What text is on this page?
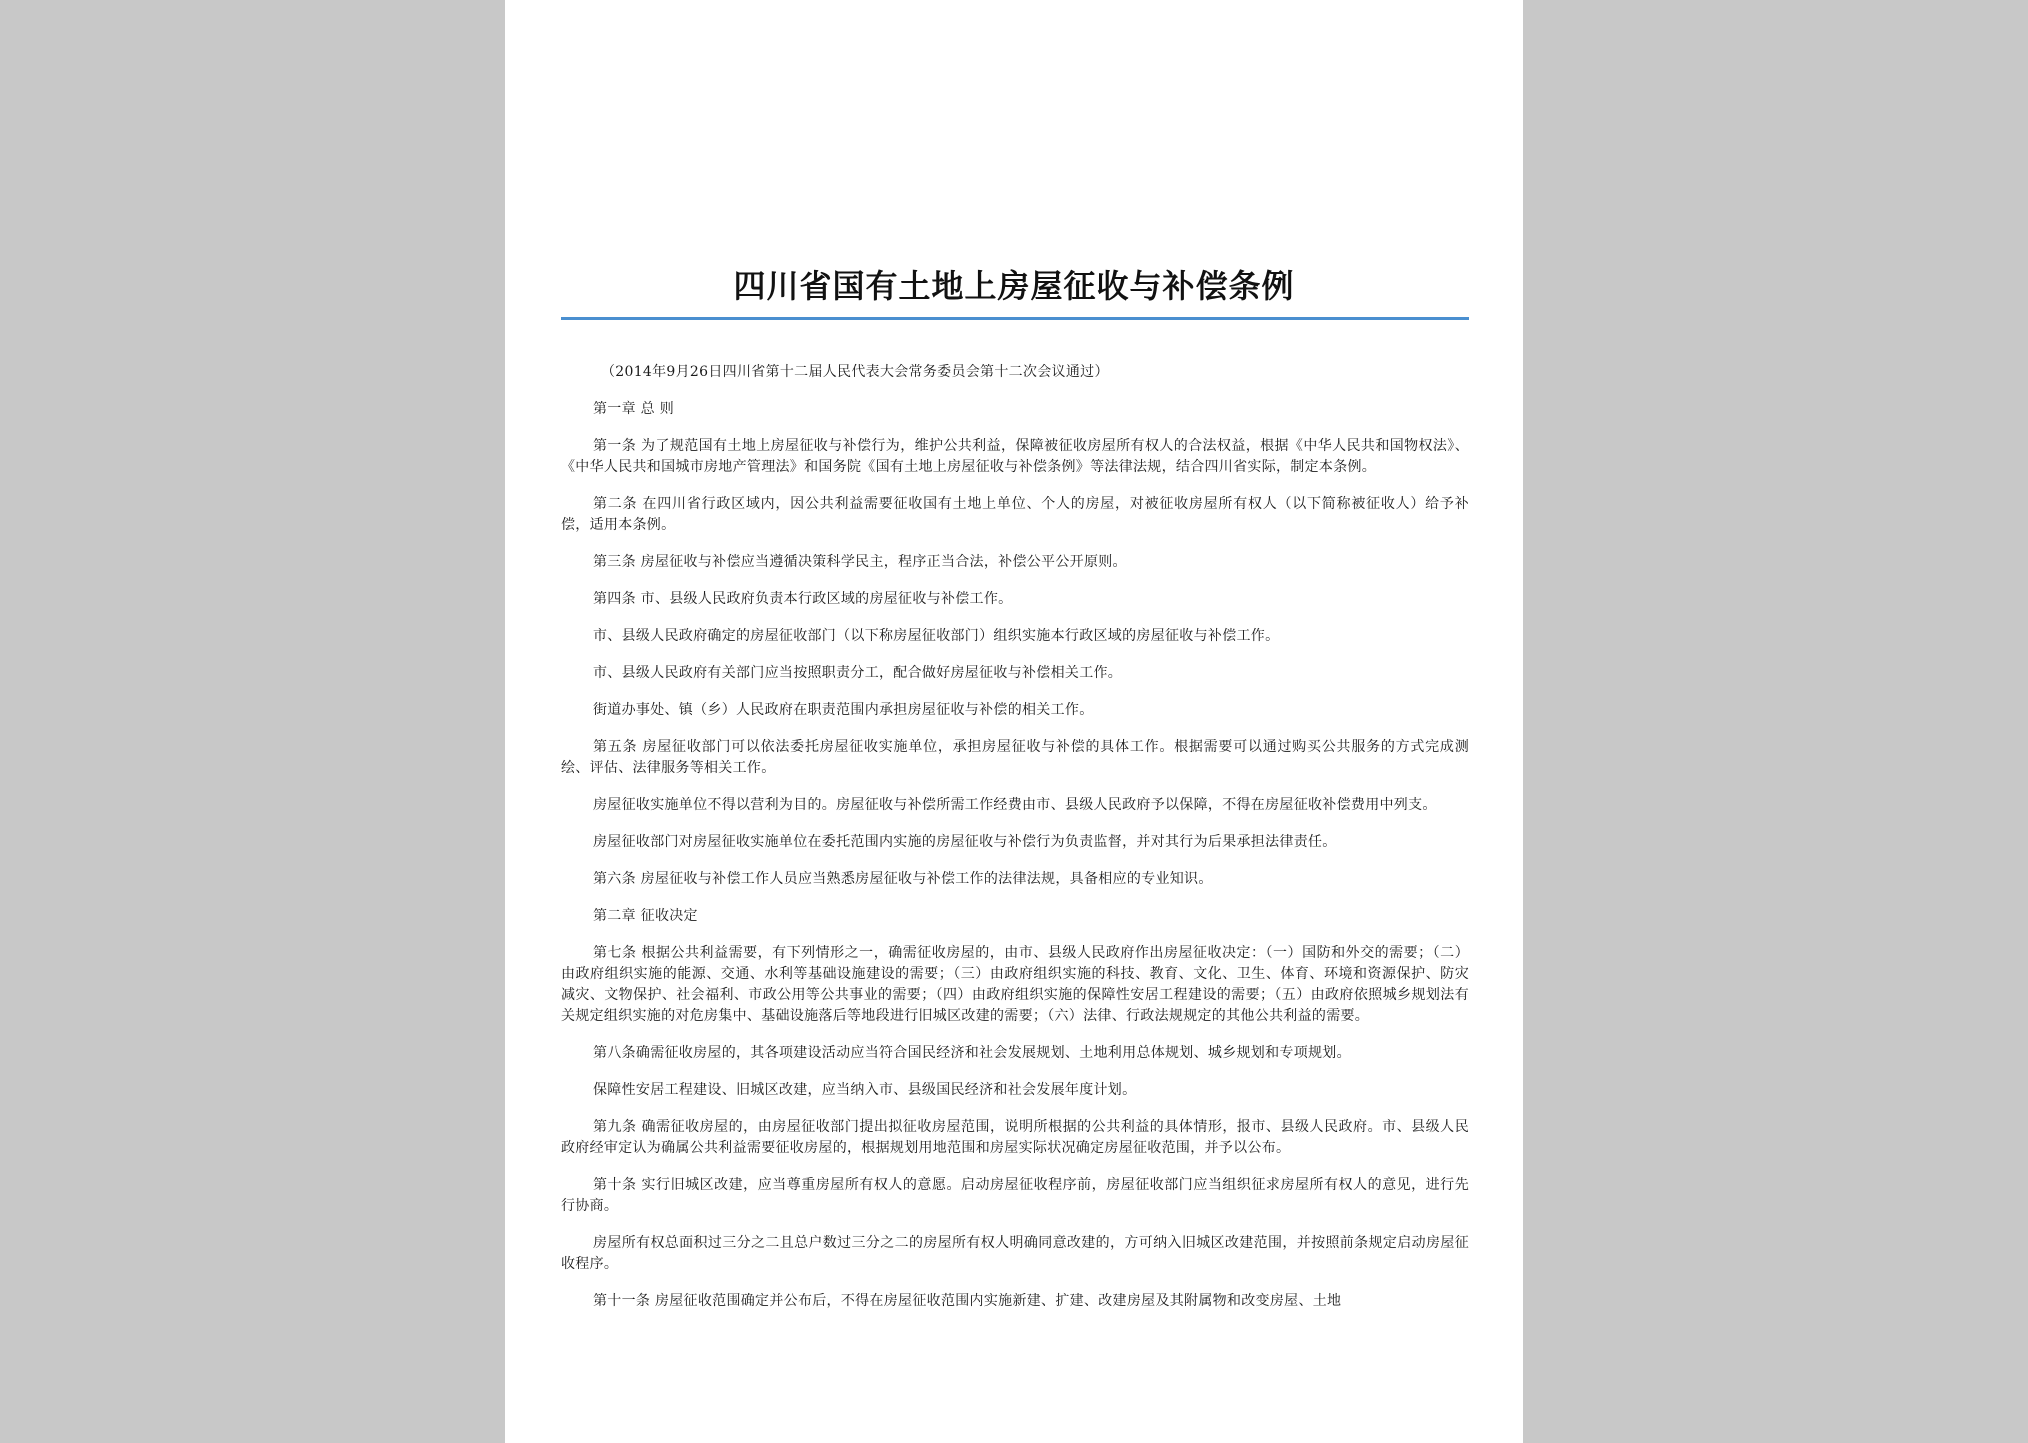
四川省国有土地上房屋征收与补偿条例

（2014年9月26日四川省第十二届人民代表大会常务委员会第十二次会议通过）

第一章 总 则

第一条 为了规范国有土地上房屋征收与补偿行为，维护公共利益，保障被征收房屋所有权人的合法权益，根据《中华人民共和国物权法》、《中华人民共和国城市房地产管理法》和国务院《国有土地上房屋征收与补偿条例》等法律法规，结合四川省实际，制定本条例。

第二条 在四川省行政区域内，因公共利益需要征收国有土地上单位、个人的房屋，对被征收房屋所有权人（以下简称被征收人）给予补偿，适用本条例。

第三条 房屋征收与补偿应当遵循决策科学民主，程序正当合法，补偿公平公开原则。

第四条 市、县级人民政府负责本行政区域的房屋征收与补偿工作。

市、县级人民政府确定的房屋征收部门（以下称房屋征收部门）组织实施本行政区域的房屋征收与补偿工作。

市、县级人民政府有关部门应当按照职责分工，配合做好房屋征收与补偿相关工作。

街道办事处、镇（乡）人民政府在职责范围内承担房屋征收与补偿的相关工作。

第五条 房屋征收部门可以依法委托房屋征收实施单位，承担房屋征收与补偿的具体工作。根据需要可以通过购买公共服务的方式完成测绘、评估、法律服务等相关工作。

房屋征收实施单位不得以营利为目的。房屋征收与补偿所需工作经费由市、县级人民政府予以保障，不得在房屋征收补偿费用中列支。

房屋征收部门对房屋征收实施单位在委托范围内实施的房屋征收与补偿行为负责监督，并对其行为后果承担法律责任。

第六条 房屋征收与补偿工作人员应当熟悉房屋征收与补偿工作的法律法规，具备相应的专业知识。

第二章 征收决定

第七条 根据公共利益需要，有下列情形之一，确需征收房屋的，由市、县级人民政府作出房屋征收决定：（一）国防和外交的需要；（二）由政府组织实施的能源、交通、水利等基础设施建设的需要；（三）由政府组织实施的科技、教育、文化、卫生、体育、环境和资源保护、防灾减灾、文物保护、社会福利、市政公用等公共事业的需要；（四）由政府组织实施的保障性安居工程建设的需要；（五）由政府依照城乡规划法有关规定组织实施的对危房集中、基础设施落后等地段进行旧城区改建的需要；（六）法律、行政法规规定的其他公共利益的需要。

第八条确需征收房屋的，其各项建设活动应当符合国民经济和社会发展规划、土地利用总体规划、城乡规划和专项规划。

保障性安居工程建设、旧城区改建，应当纳入市、县级国民经济和社会发展年度计划。

第九条 确需征收房屋的，由房屋征收部门提出拟征收房屋范围，说明所根据的公共利益的具体情形，报市、县级人民政府。市、县级人民政府经审定认为确属公共利益需要征收房屋的，根据规划用地范围和房屋实际状况确定房屋征收范围，并予以公布。

第十条 实行旧城区改建，应当尊重房屋所有权人的意愿。启动房屋征收程序前，房屋征收部门应当组织征求房屋所有权人的意见，进行先行协商。

房屋所有权总面积过三分之二且总户数过三分之二的房屋所有权人明确同意改建的，方可纳入旧城区改建范围，并按照前条规定启动房屋征收程序。

第十一条 房屋征收范围确定并公布后，不得在房屋征收范围内实施新建、扩建、改建房屋及其附属物和改变房屋、土地
